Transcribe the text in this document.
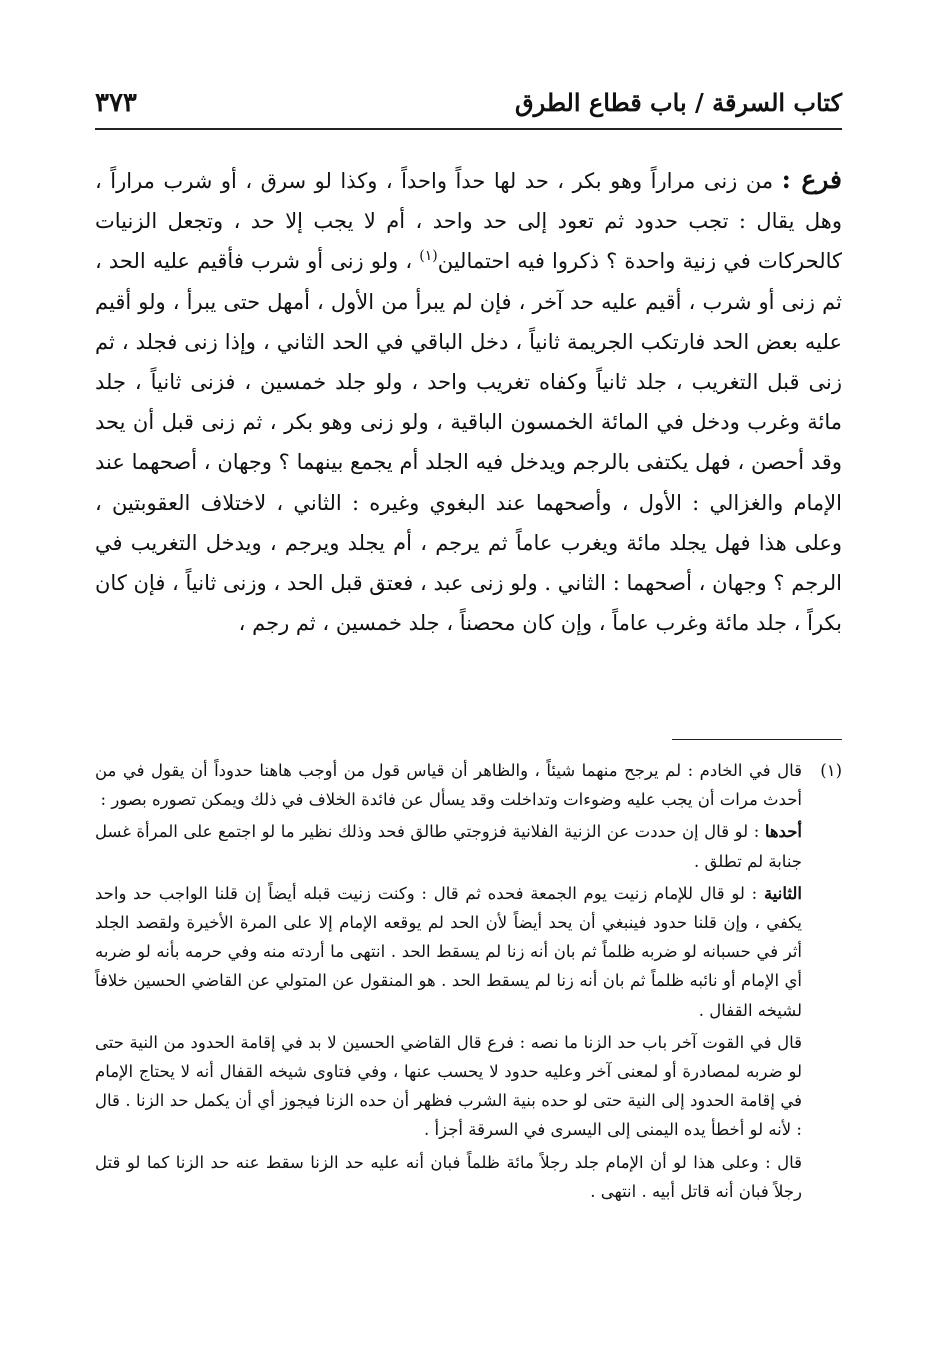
كتاب السرقة / باب قطاع الطرق
٣٧٣

فرع : من زنى مراراً وهو بكر ، حد لها حداً واحداً ، وكذا لو سرق ، أو شرب مراراً ، وهل يقال : تجب حدود ثم تعود إلى حد واحد ، أم لا يجب إلا حد ، وتجعل الزنيات كالحركات في زنية واحدة ؟ ذكروا فيه احتمالين$^{(١)}$ ، ولو زنى أو شرب فأقيم عليه الحد ، ثم زنى أو شرب ، أقيم عليه حد آخر ، فإن لم يبرأ من الأول ، أمهل حتى يبرأ ، ولو أقيم عليه بعض الحد فارتكب الجريمة ثانياً ، دخل الباقي في الحد الثاني ، وإذا زنى فجلد ، ثم زنى قبل التغريب ، جلد ثانياً وكفاه تغريب واحد ، ولو جلد خمسين ، فزنى ثانياً ، جلد مائة وغرب ودخل في المائة الخمسون الباقية ، ولو زنى وهو بكر ، ثم زنى قبل أن يحد وقد أحصن ، فهل يكتفى بالرجم ويدخل فيه الجلد أم يجمع بينهما ؟ وجهان ، أصحهما عند الإمام والغزالي : الأول ، وأصحهما عند البغوي وغيره : الثاني ، لاختلاف العقوبتين ، وعلى هذا فهل يجلد مائة ويغرب عاماً ثم يرجم ، أم يجلد ويرجم ، ويدخل التغريب في الرجم ؟ وجهان ، أصحهما : الثاني . ولو زنى عبد ، فعتق قبل الحد ، وزنى ثانياً ، فإن كان بكراً ، جلد مائة وغرب عاماً ، وإن كان محصناً ، جلد خمسين ، ثم رجم ،

(١)

قال في الخادم : لم يرجح منهما شيئاً ، والظاهر أن قياس قول من أوجب هاهنا حدوداً أن يقول في من أحدث مرات أن يجب عليه وضوءات وتداخلت وقد يسأل عن فائدة الخلاف في ذلك ويمكن تصوره بصور :

أحدها : لو قال إن حددت عن الزنية الفلانية فزوجتي طالق فحد وذلك نظير ما لو اجتمع على المرأة غسل جنابة لم تطلق .

الثانية : لو قال للإمام زنيت يوم الجمعة فحده ثم قال : وكنت زنيت قبله أيضاً إن قلنا الواجب حد واحد يكفي ، وإن قلنا حدود فينبغي أن يحد أيضاً لأن الحد لم يوقعه الإمام إلا على المرة الأخيرة ولقصد الجلد أثر في حسبانه لو ضربه ظلماً ثم بان أنه زنا لم يسقط الحد . انتهى ما أردته منه وفي حرمه بأنه لو ضربه أي الإمام أو نائبه ظلماً ثم بان أنه زنا لم يسقط الحد . هو المنقول عن المتولي عن القاضي الحسين خلافاً لشيخه القفال .

قال في القوت آخر باب حد الزنا ما نصه : فرع قال القاضي الحسين لا بد في إقامة الحدود من النية حتى لو ضربه لمصادرة أو لمعنى آخر وعليه حدود لا يحسب عنها ، وفي فتاوى شيخه القفال أنه لا يحتاج الإمام في إقامة الحدود إلى النية حتى لو حده بنية الشرب فظهر أن حده الزنا فيجوز أي أن يكمل حد الزنا . قال : لأنه لو أخطأ يده اليمنى إلى اليسرى في السرقة أجزأ .

قال : وعلى هذا لو أن الإمام جلد رجلاً مائة ظلماً فبان أنه عليه حد الزنا سقط عنه حد الزنا كما لو قتل رجلاً فبان أنه قاتل أبيه . انتهى .
